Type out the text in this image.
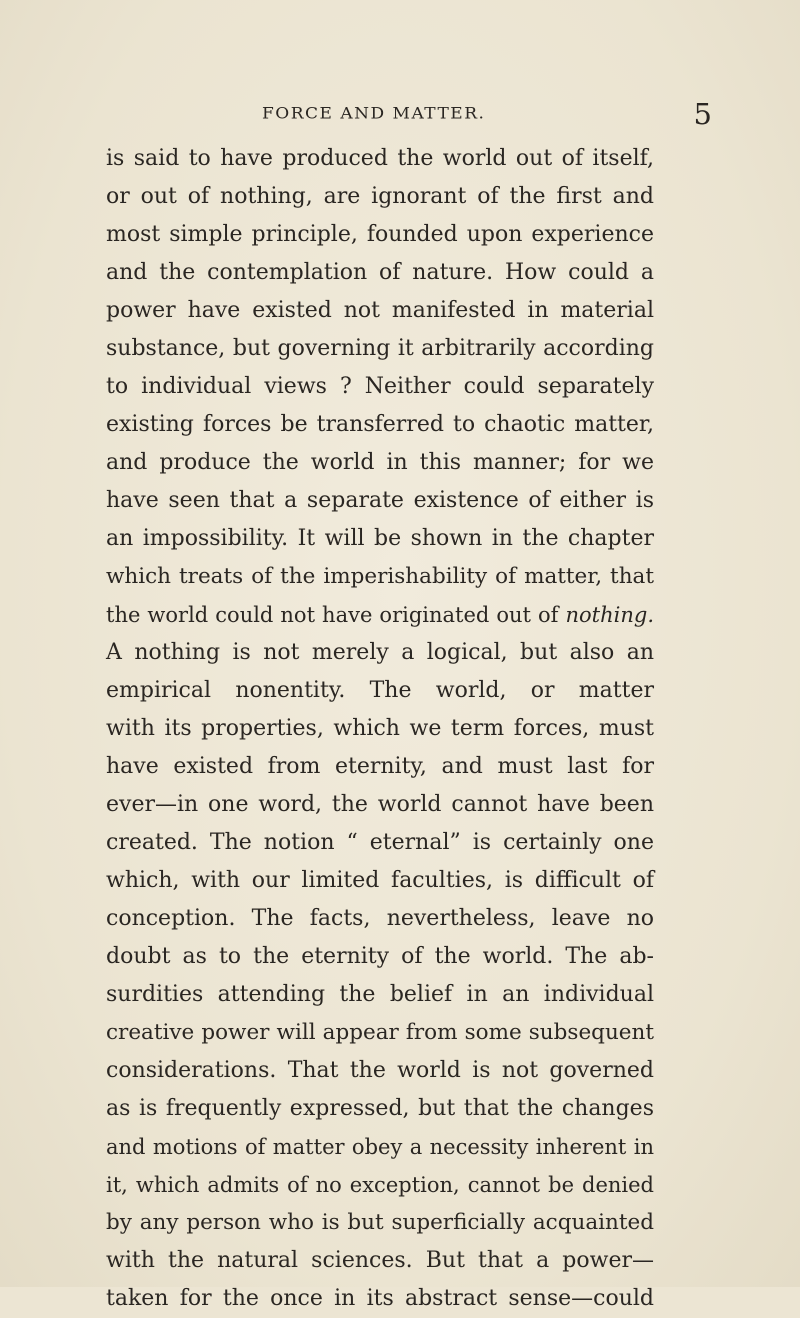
FORCE AND MATTER.	5
is said to have produced the world out of itself,
or out of nothing, are ignorant of the first and
most simple principle, founded upon experience
and the contemplation of nature. How could a
power have existed not manifested in material
substance, but governing it arbitrarily according
to individual views ? Neither could separately
existing forces be transferred to chaotic matter,
and produce the world in this manner; for we
have seen that a separate existence of either is
an impossibility. It will be shown in the chapter
which treats of the imperishability of matter, that
the world could not have originated out of nothing.
A nothing is not merely a logical, but also an
empirical nonentity. The world, or matter
with its properties, which we term forces, must
have existed from eternity, and must last for
ever—in one word, the world cannot have been
created. The notion “ eternal” is certainly one
which, with our limited faculties, is difficult of
conception. The facts, nevertheless, leave no
doubt as to the eternity of the world. The ab-
surdities attending the belief in an individual
creative power will appear from some subsequent
considerations. That the world is not governed
as is frequently expressed, but that the changes
and motions of matter obey a necessity inherent in
it, which admits of no exception, cannot be denied
by any person who is but superficially acquainted
with the natural sciences. But that a power—
taken for the once in its abstract sense—could
